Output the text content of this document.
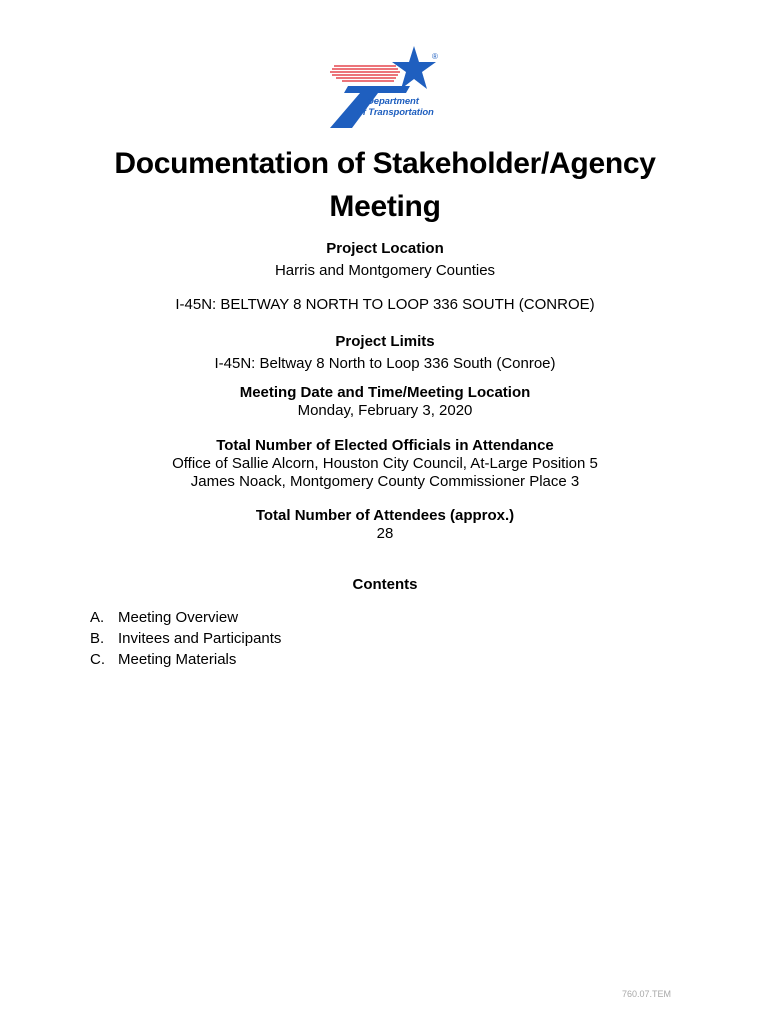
®
Texas
Department
of Transportation
Documentation of Stakeholder/Agency
Meeting
Project Location
Harris and Montgomery Counties
I-45N: BELTWAY 8 NORTH TO LOOP 336 SOUTH (CONROE)
Project Limits
I-45N: Beltway 8 North to Loop 336 South (Conroe)
Meeting Date and Time/Meeting Location
Monday, February 3, 2020
Total Number of Elected Officials in Attendance
Office of Sallie Alcorn, Houston City Council, At-Large Position 5
James Noack, Montgomery County Commissioner Place 3
Total Number of Attendees (approx.)
28
Contents
A. Meeting Overview
B. Invitees and Participants
C. Meeting Materials
760.07.TEM
